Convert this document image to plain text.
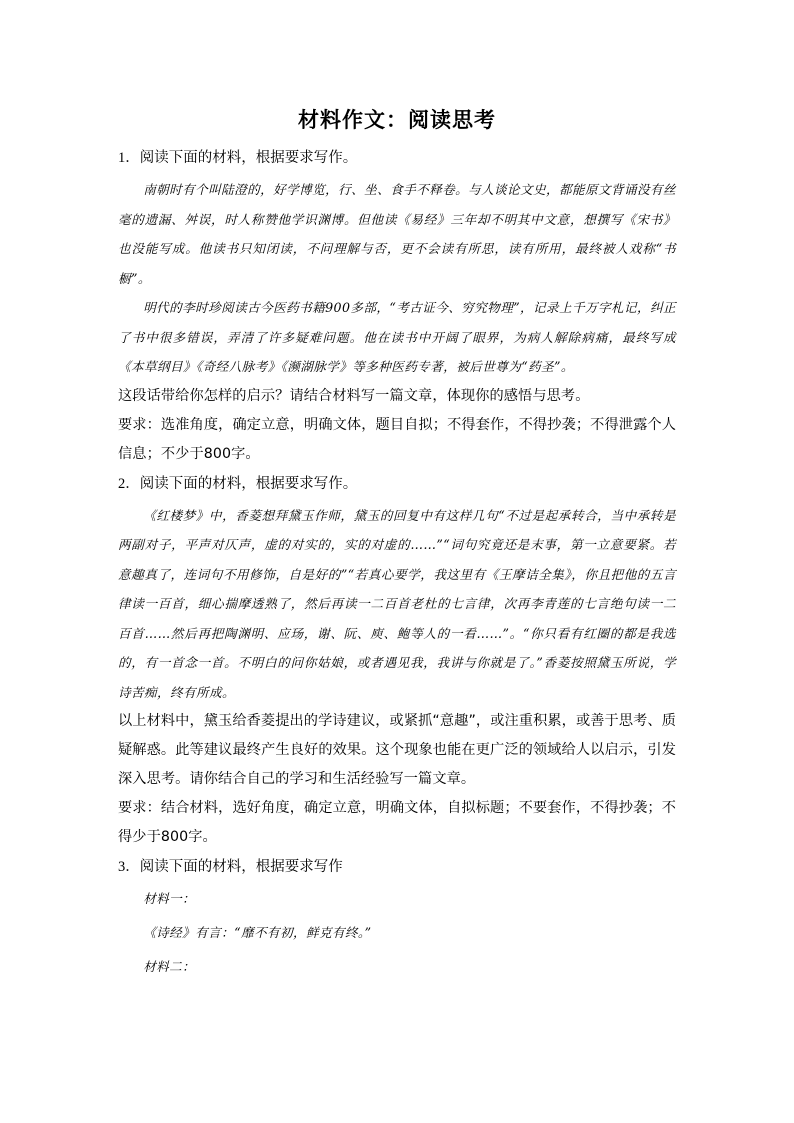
材料作文：阅读思考

1．阅读下面的材料，根据要求写作。

南朝时有个叫陆澄的，好学博览，行、坐、食手不释卷。与人谈论文史，都能原文背诵没有丝毫的遗漏、舛误，时人称赞他学识渊博。但他读《易经》三年却不明其中文意，想撰写《宋书》也没能写成。他读书只知闭读，不问理解与否，更不会读有所思，读有所用，最终被人戏称“书橱”。

明代的李时珍阅读古今医药书籍900多部，“考古证今、穷究物理”，记录上千万字札记，纠正了书中很多错误，弄清了许多疑难问题。他在读书中开阔了眼界，为病人解除病痛，最终写成《本草纲目》《奇经八脉考》《濒湖脉学》等多种医药专著，被后世尊为“药圣”。

这段话带给你怎样的启示？请结合材料写一篇文章，体现你的感悟与思考。

要求：选准角度，确定立意，明确文体，题目自拟；不得套作，不得抄袭；不得泄露个人信息；不少于800字。

2．阅读下面的材料，根据要求写作。

《红楼梦》中，香菱想拜黛玉作师，黛玉的回复中有这样几句“不过是起承转合，当中承转是两副对子，平声对仄声，虚的对实的，实的对虚的……”“词句究竟还是末事，第一立意要紧。若意趣真了，连词句不用修饰，自是好的”“若真心要学，我这里有《王摩诘全集》，你且把他的五言律读一百首，细心揣摩透熟了，然后再读一二百首老杜的七言律，次再李青莲的七言绝句读一二百首……然后再把陶渊明、应玚，谢、阮、庾、鲍等人的一看……”。“你只看有红圈的都是我选的，有一首念一首。不明白的问你姑娘，或者遇见我，我讲与你就是了。”香菱按照黛玉所说，学诗苦痴，终有所成。

以上材料中，黛玉给香菱提出的学诗建议，或紧抓“意趣”，或注重积累，或善于思考、质疑解惑。此等建议最终产生良好的效果。这个现象也能在更广泛的领域给人以启示，引发深入思考。请你结合自己的学习和生活经验写一篇文章。

要求：结合材料，选好角度，确定立意，明确文体，自拟标题；不要套作，不得抄袭；不得少于800字。

3．阅读下面的材料，根据要求写作

材料一：

《诗经》有言：“靡不有初，鲜克有终。”

材料二：
